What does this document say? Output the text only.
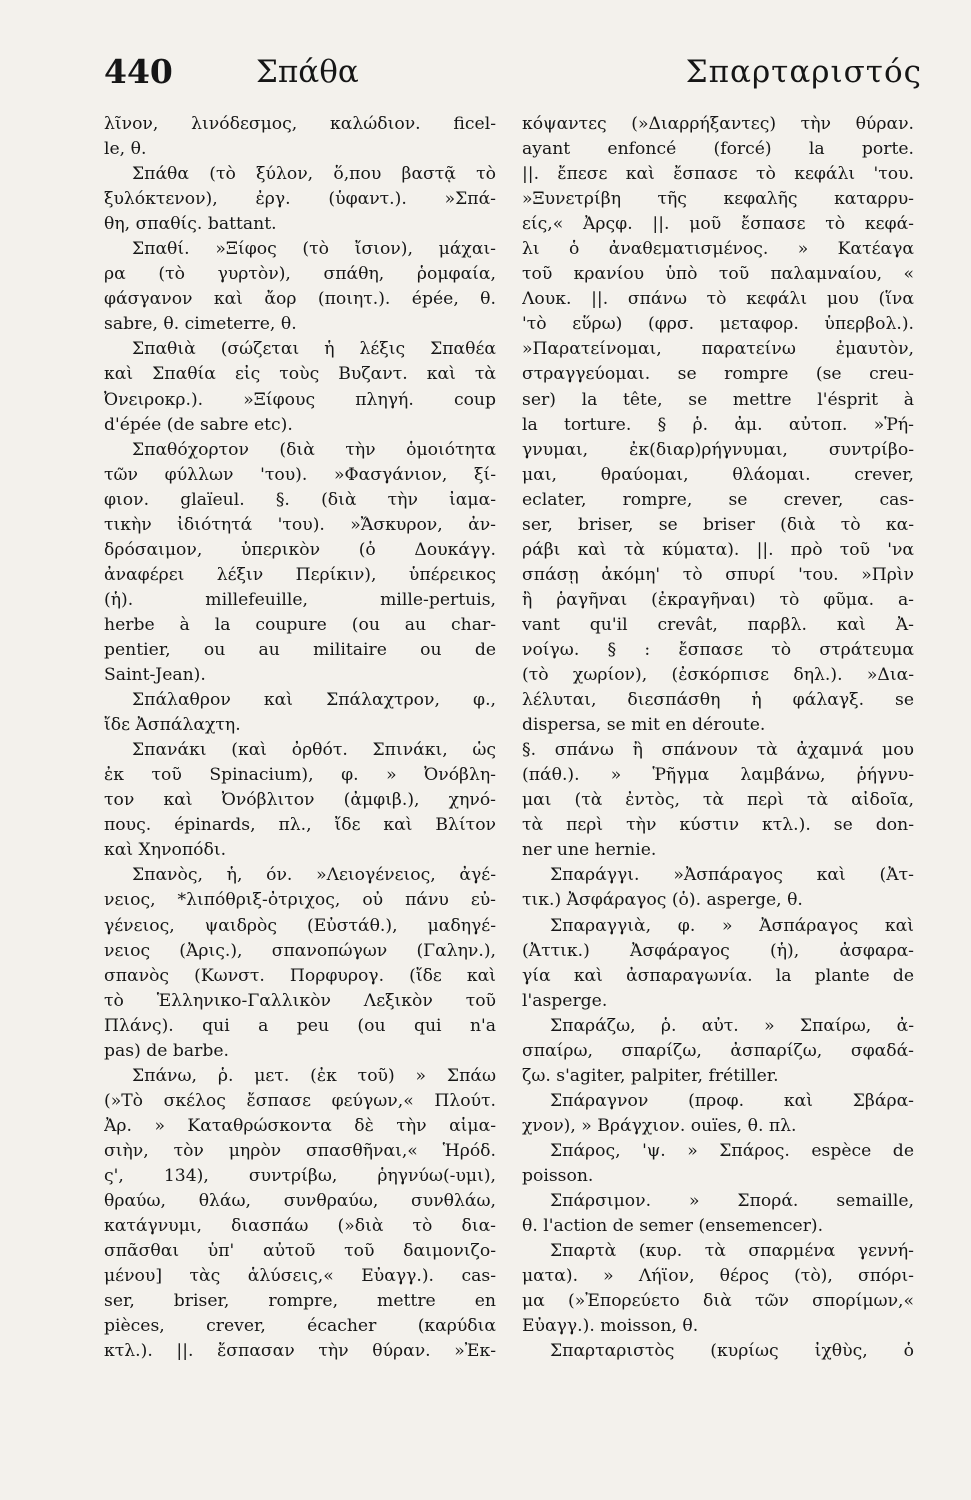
440	Σπάθα	Σπαρταριστός
λῖνον, λινόδεσμος, καλώδιον. ficel-
le, θ.
Σπάθα (τὸ ξύλον, ὅ,που βαστᾷ τὸ
ξυλόκτενον), ἐργ. (ὑφαντ.). »Σπά-
θη, σπαθίς. battant.
Σπαθί. »Ξίφος (τὸ ἴσιον), μάχαι-
ρα (τὸ γυρτὸν), σπάθη, ῥομφαία,
φάσγανον καὶ ἄορ (ποιητ.). épée, θ.
sabre, θ. cimeterre, θ.
Σπαθιὰ (σώζεται ἡ λέξις Σπαθέα
καὶ Σπαθία εἰς τοὺς Βυζαντ. καὶ τὰ
Ὀνειροκρ.). »Ξίφους πληγή. coup
d'épée (de sabre etc).
Σπαθόχορτον (διὰ τὴν ὁμοιότητα
τῶν φύλλων 'του). »Φασγάνιον, ξί-
φιον. glaïeul. §. (διὰ τὴν ἰαμα-
τικὴν ἰδιότητά 'του). »Ἄσκυρον, ἀν-
δρόσαιμον, ὑπερικὸν (ὁ Δουκάγγ.
ἀναφέρει λέξιν Περίκιν), ὑπέρεικος
(ἡ). millefeuille, mille-pertuis,
herbe à la coupure (ou au char-
pentier, ou au militaire ou de
Saint-Jean).
Σπάλαθρον καὶ Σπάλαχτρον, φ.,
ἴδε Ἀσπάλαχτη.
Σπανάκι (καὶ ὀρθότ. Σπινάκι, ὡς
ἐκ τοῦ Spinacium), φ. » Ὀνόβλη-
τον καὶ Ὀνόβλιτον (ἀμφιβ.), χηνό-
πους. épinards, πλ., ἴδε καὶ Βλίτον
καὶ Χηνοπόδι.
Σπανὸς, ἡ, όν. »Λειογένειος, ἀγέ-
νειος, *λιπόθριξ-ὀτριχος, οὐ πάνυ εὐ-
γένειος, ψαιδρὸς (Εὐστάθ.), μαδηγέ-
νειος (Ἀρις.), σπανοπώγων (Γαλην.),
σπανὸς (Κωνστ. Πορφυρογ. (ἴδε καὶ
τὸ Ἑλληνικο-Γαλλικὸν Λεξικὸν τοῦ
Πλάνς). qui a peu (ou qui n'a
pas) de barbe.
Σπάνω, ῥ. μετ. (ἐκ τοῦ) » Σπάω
(»Τὸ σκέλος ἔσπασε φεύγων,« Πλούτ.
Ἀρ. » Καταθρώσκοντα δὲ τὴν αἱμα-
σιὴν, τὸν μηρὸν σπασθῆναι,« Ἡρόδ.
ς', 134), συντρίβω, ῥηγνύω(-υμι),
θραύω, θλάω, συνθραύω, συνθλάω,
κατάγνυμι, διασπάω (»διὰ τὸ δια-
σπᾶσθαι ὑπ' αὐτοῦ τοῦ δαιμονιζο-
μένου] τὰς ἁλύσεις,« Εὐαγγ.). cas-
ser, briser, rompre, mettre en
pièces, crever, écacher (καρύδια
κτλ.). ||. ἔσπασαν τὴν θύραν. »Ἐκ-
κόψαντες (»Διαρρήξαντες) τὴν θύραν.
ayant enfoncé (forcé) la porte.
||. ἔπεσε καὶ ἔσπασε τὸ κεφάλι 'του.
»Ξυνετρίβη τῆς κεφαλῆς καταρρυ-
είς,« Ἀρςφ. ||. μοῦ ἔσπασε τὸ κεφά-
λι ὁ ἀναθεματισμένος. » Κατέαγα
τοῦ κρανίου ὑπὸ τοῦ παλαμναίου, «
Λουκ. ||. σπάνω τὸ κεφάλι μου (ἵνα
'τὸ εὕρω) (φρσ. μεταφορ. ὑπερβολ.).
»Παρατείνομαι, παρατείνω ἐμαυτὸν,
στραγγεύομαι. se rompre (se creu-
ser) la tête, se mettre l'ésprit à
la torture. § ῥ. ἀμ. αὐτοπ. »Ῥή-
γνυμαι, ἐκ(διαρ)ρήγνυμαι, συντρίβο-
μαι, θραύομαι, θλάομαι. crever,
eclater, rompre, se crever, cas-
ser, briser, se briser (διὰ τὸ κα-
ράβι καὶ τὰ κύματα). ||. πρὸ τοῦ 'να
σπάσῃ ἀκόμη' τὸ σπυρί 'του. »Πρὶν
ἢ ῥαγῆναι (ἐκραγῆναι) τὸ φῦμα. a-
vant qu'il crevât, παρβλ. καὶ Ἀ-
νοίγω. § : ἔσπασε τὸ στράτευμα
(τὸ χωρίον), (ἐσκόρπισε δηλ.). »Δια-
λέλυται, διεσπάσθη ἡ φάλαγξ. se
dispersa, se mit en déroute.
§. σπάνω ἢ σπάνουν τὰ ἀχαμνά μου
(πάθ.). » Ῥῆγμα λαμβάνω, ῥήγνυ-
μαι (τὰ ἐντὸς, τὰ περὶ τὰ αἰδοῖα,
τὰ περὶ τὴν κύστιν κτλ.). se don-
ner une hernie.
Σπαράγγι. »Ἀσπάραγος καὶ (Ἀτ-
τικ.) Ἀσφάραγος (ὁ). asperge, θ.
Σπαραγγιὰ, φ. » Ἀσπάραγος καὶ
(Ἀττικ.) Ἀσφάραγος (ἡ), ἀσφαρα-
γία καὶ ἀσπαραγωνία. la plante de
l'asperge.
Σπαράζω, ῥ. αὐτ. » Σπαίρω, ἀ-
σπαίρω, σπαρίζω, ἀσπαρίζω, σφαδά-
ζω. s'agiter, palpiter, frétiller.
Σπάραγνον (προφ. καὶ Σβάρα-
χνον), » Βράγχιον. ouïes, θ. πλ.
Σπάρος, 'ψ. » Σπάρος. espèce de
poisson.
Σπάρσιμον. » Σπορά. semaille,
θ. l'action de semer (ensemencer).
Σπαρτὰ (κυρ. τὰ σπαρμένα γεννή-
ματα). » Λήϊον, θέρος (τὸ), σπόρι-
μα (»Ἐπορεύετο διὰ τῶν σπορίμων,«
Εὐαγγ.). moisson, θ.
Σπαρταριστὸς (κυρίως ἰχθὺς, ὁ
